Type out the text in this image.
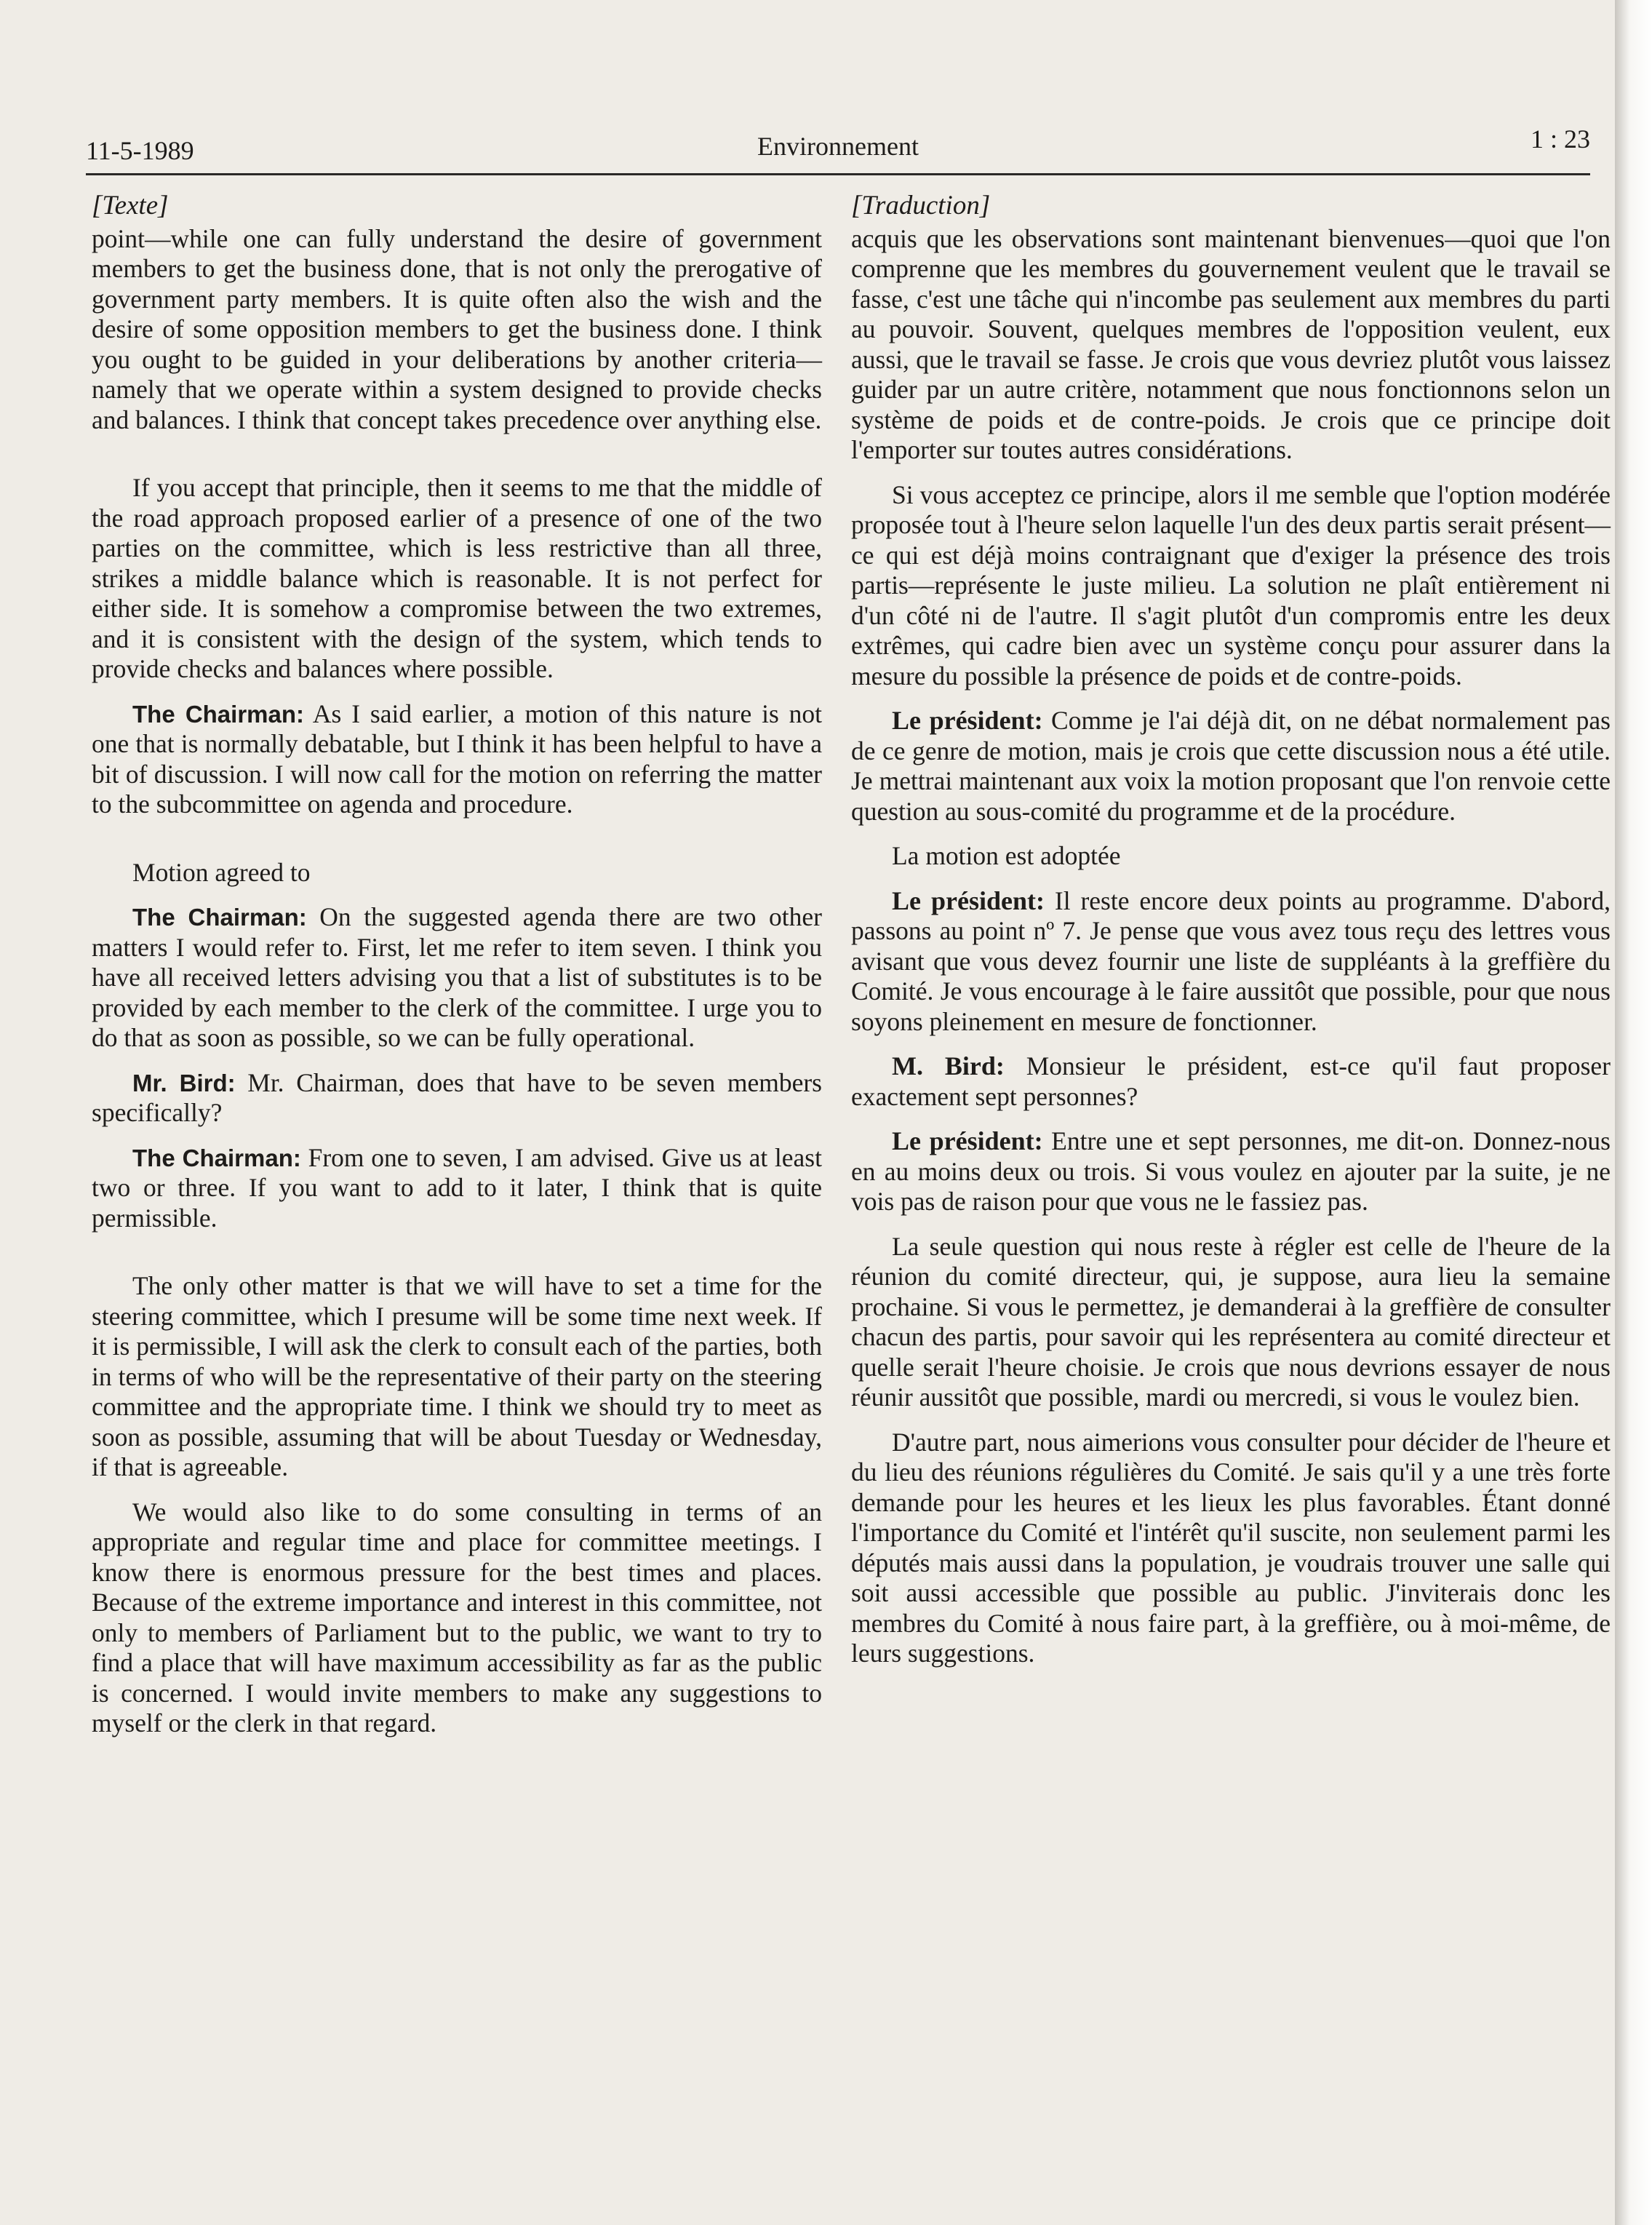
11-5-1989	Environnement	1 : 23
[Texte]

point—while one can fully understand the desire of government members to get the business done, that is not only the prerogative of government party members. It is quite often also the wish and the desire of some opposition members to get the business done. I think you ought to be guided in your deliberations by another criteria—namely that we operate within a system designed to provide checks and balances. I think that concept takes precedence over anything else.

If you accept that principle, then it seems to me that the middle of the road approach proposed earlier of a presence of one of the two parties on the committee, which is less restrictive than all three, strikes a middle balance which is reasonable. It is not perfect for either side. It is somehow a compromise between the two extremes, and it is consistent with the design of the system, which tends to provide checks and balances where possible.

The Chairman: As I said earlier, a motion of this nature is not one that is normally debatable, but I think it has been helpful to have a bit of discussion. I will now call for the motion on referring the matter to the subcommittee on agenda and procedure.

Motion agreed to

The Chairman: On the suggested agenda there are two other matters I would refer to. First, let me refer to item seven. I think you have all received letters advising you that a list of substitutes is to be provided by each member to the clerk of the committee. I urge you to do that as soon as possible, so we can be fully operational.

Mr. Bird: Mr. Chairman, does that have to be seven members specifically?

The Chairman: From one to seven, I am advised. Give us at least two or three. If you want to add to it later, I think that is quite permissible.

The only other matter is that we will have to set a time for the steering committee, which I presume will be some time next week. If it is permissible, I will ask the clerk to consult each of the parties, both in terms of who will be the representative of their party on the steering committee and the appropriate time. I think we should try to meet as soon as possible, assuming that will be about Tuesday or Wednesday, if that is agreeable.

We would also like to do some consulting in terms of an appropriate and regular time and place for committee meetings. I know there is enormous pressure for the best times and places. Because of the extreme importance and interest in this committee, not only to members of Parliament but to the public, we want to try to find a place that will have maximum accessibility as far as the public is concerned. I would invite members to make any suggestions to myself or the clerk in that regard.

[Traduction]

acquis que les observations sont maintenant bienvenues—quoi que l'on comprenne que les membres du gouvernement veulent que le travail se fasse, c'est une tâche qui n'incombe pas seulement aux membres du parti au pouvoir. Souvent, quelques membres de l'opposition veulent, eux aussi, que le travail se fasse. Je crois que vous devriez plutôt vous laissez guider par un autre critère, notamment que nous fonctionnons selon un système de poids et de contre-poids. Je crois que ce principe doit l'emporter sur toutes autres considérations.

Si vous acceptez ce principe, alors il me semble que l'option modérée proposée tout à l'heure selon laquelle l'un des deux partis serait présent—ce qui est déjà moins contraignant que d'exiger la présence des trois partis—représente le juste milieu. La solution ne plaît entièrement ni d'un côté ni de l'autre. Il s'agit plutôt d'un compromis entre les deux extrêmes, qui cadre bien avec un système conçu pour assurer dans la mesure du possible la présence de poids et de contre-poids.

Le président: Comme je l'ai déjà dit, on ne débat normalement pas de ce genre de motion, mais je crois que cette discussion nous a été utile. Je mettrai maintenant aux voix la motion proposant que l'on renvoie cette question au sous-comité du programme et de la procédure.

La motion est adoptée

Le président: Il reste encore deux points au programme. D'abord, passons au point nº 7. Je pense que vous avez tous reçu des lettres vous avisant que vous devez fournir une liste de suppléants à la greffière du Comité. Je vous encourage à le faire aussitôt que possible, pour que nous soyons pleinement en mesure de fonctionner.

M. Bird: Monsieur le président, est-ce qu'il faut proposer exactement sept personnes?

Le président: Entre une et sept personnes, me dit-on. Donnez-nous en au moins deux ou trois. Si vous voulez en ajouter par la suite, je ne vois pas de raison pour que vous ne le fassiez pas.

La seule question qui nous reste à régler est celle de l'heure de la réunion du comité directeur, qui, je suppose, aura lieu la semaine prochaine. Si vous le permettez, je demanderai à la greffière de consulter chacun des partis, pour savoir qui les représentera au comité directeur et quelle serait l'heure choisie. Je crois que nous devrions essayer de nous réunir aussitôt que possible, mardi ou mercredi, si vous le voulez bien.

D'autre part, nous aimerions vous consulter pour décider de l'heure et du lieu des réunions régulières du Comité. Je sais qu'il y a une très forte demande pour les heures et les lieux les plus favorables. Étant donné l'importance du Comité et l'intérêt qu'il suscite, non seulement parmi les députés mais aussi dans la population, je voudrais trouver une salle qui soit aussi accessible que possible au public. J'inviterais donc les membres du Comité à nous faire part, à la greffière, ou à moi-même, de leurs suggestions.
